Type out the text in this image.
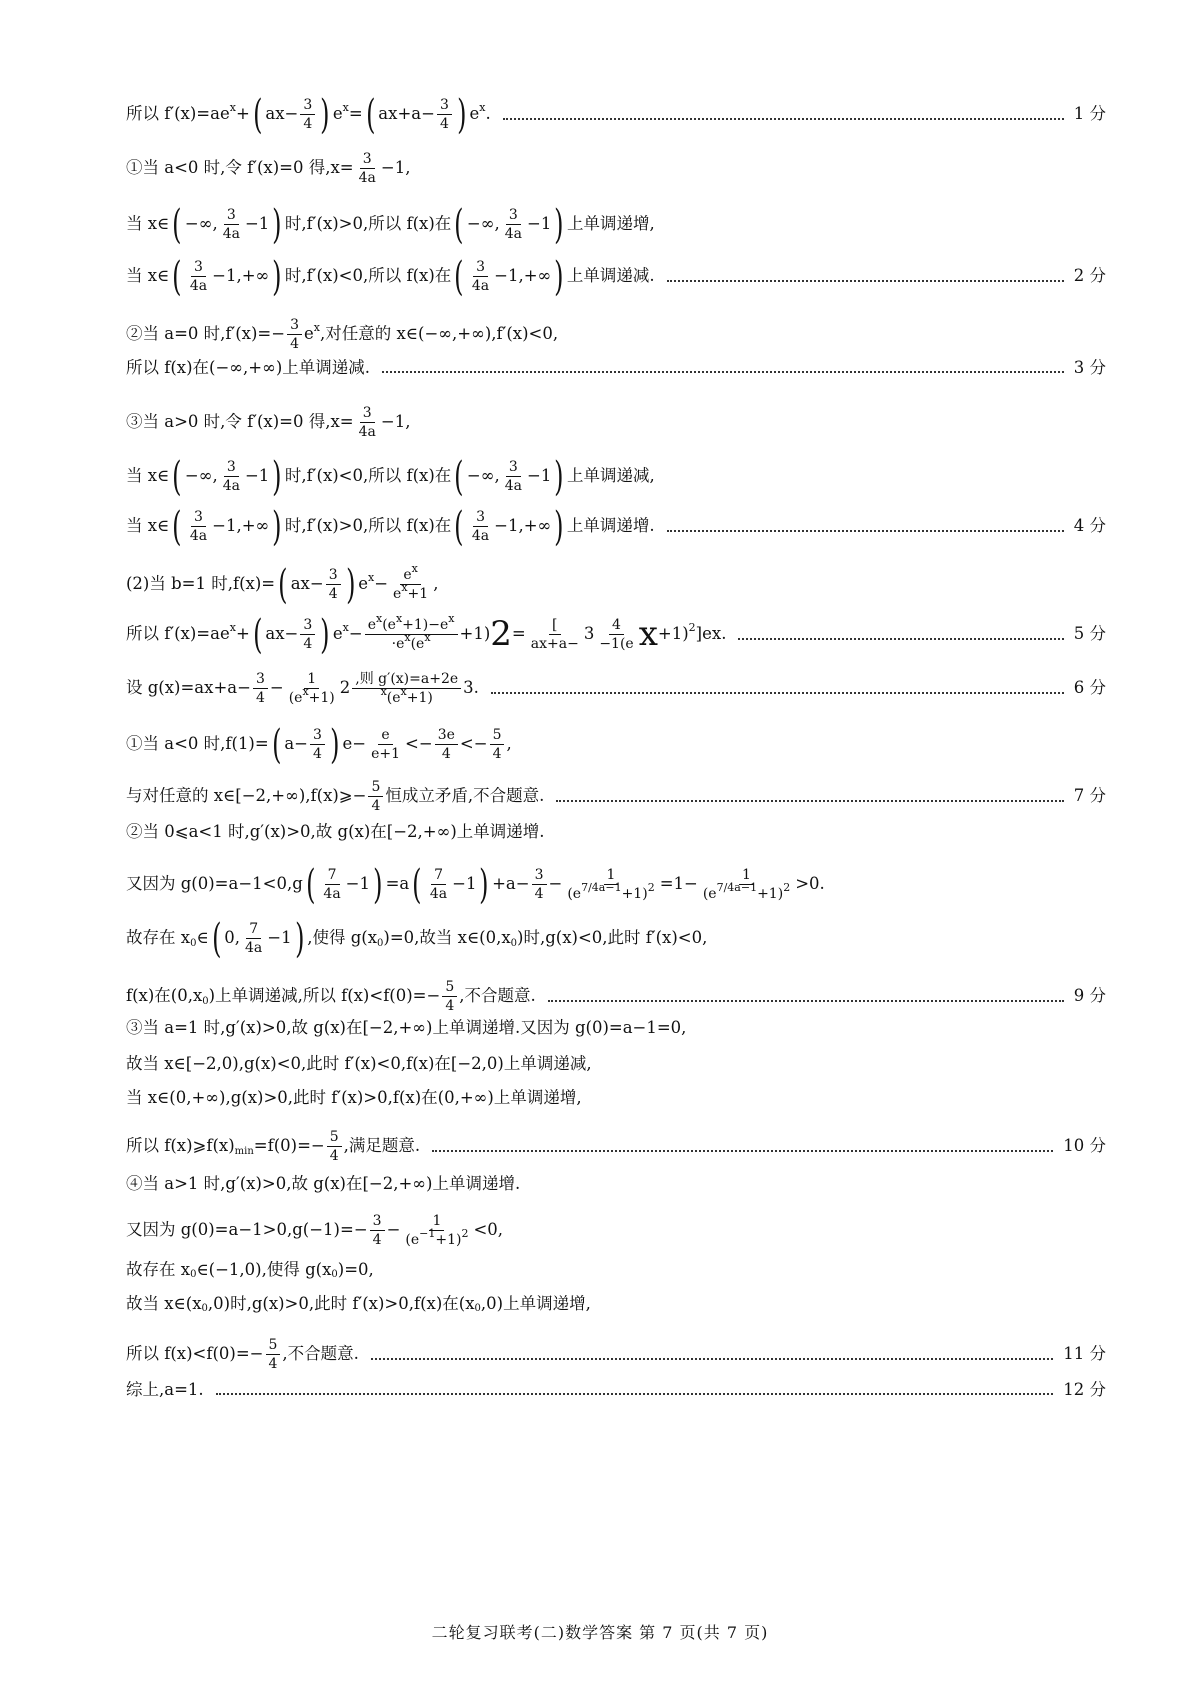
所以 f′(x)=ae x + ( $ax- \frac{3}{4}$ ) e x = ( $ax+a- \frac{3}{4}$ ) e x .	1 分
①当 a<0 时,令 f′(x)=0 得$,x= \frac{3}{4a} -1$,
当 x∈ ( −∞, $\frac{3}{4a} -1$ ) 时,f′(x)>0,所以 f(x)在 ( −∞, $\frac{3}{4a} -1$ ) 上单调递增,
当 x∈ ( $\frac{3}{4a} -1,+\infty$ ) 时,f′(x)<0,所以 f(x)在 ( $\frac{3}{4a} -1,+\infty$ ) 上单调递减.	2 分
②当 a=0 时$,f'(x)=- \frac{3}{4}$ e x ,对任意的 x∈(−∞,+∞),f′(x)<0,
所以 f(x)在(−∞,+∞)上单调递减.	3 分
③当 a>0 时,令 f′(x)=0 得$,x= \frac{3}{4a} -1$,
当 x∈ ( −∞, $\frac{3}{4a} -1$ ) 时,f′(x)<0,所以 f(x)在 ( −∞, $\frac{3}{4a} -1$ ) 上单调递减,
当 x∈ ( $\frac{3}{4a} -1,+\infty$ ) 时,f′(x)>0,所以 f(x)在 ( $\frac{3}{4a} -1,+\infty$ ) 上单调递增.	4 分
(2)当 b=1 时,f(x)= ( $ax- \frac{3}{4}$ ) e $x - \frac{e^x}{e^x+1}$ ,
所以 f′(x)=ae x + ( $ax- \frac{3}{4}$ ) e $x - \frac{e^x(e^x+1)-e^x}{\cdot e^x(e^x} +1$) 2 = [
ax+a−
$3 \frac{4}{-1(e}$ x +1) 2 ] e x .	5 分
设 $g(x)=ax+a- \frac{3}{4} - \frac{1}{(e^x+1)} 2$ ,则 g′(x)=a+2e
$^x(e^x+1)$
3 .	6 分
①当 a<0 时,f(1)= ( $a- \frac{3}{4}$ ) $e- \frac{e}{e+1} <- \frac{3e}{4} <- \frac{5}{4}$ ,
与对任意的 x∈[−2,+∞),f(x)⩾− $\frac{5}{4}$ 恒成立矛盾,不合题意.	7 分
②当 0⩽a<1 时,g′(x)>0,故 g(x)在[−2,+∞)上单调递增.
又因为 g(0)=a−1<0,g ( $\frac{7}{4a} -1$ ) =a ( $\frac{7}{4a} -1$ ) $+a- \frac{3}{4} - \frac{1}{(e^{7/4a-1}+1)^2} =1- \frac{1}{(e^{7/4a-1}+1)^2} >0$.
故存在 x 0 ∈ ( 0, $\frac{7}{4a} -1$ ) ,使得 g(x 0 )=0,故当 x∈(0,x 0 )时,g(x)<0,此时 f′(x)<0,
f(x)在(0,x 0 )上单调递减,所以 $f(x)<f(0)=- \frac{5}{4}$ ,不合题意.	9 分
③当 a=1 时,g′(x)>0,故 g(x)在[−2,+∞)上单调递增.又因为 g(0)=a−1=0,
故当 x∈[−2,0),g(x)<0,此时 f′(x)<0,f(x)在[−2,0)上单调递减,
当 x∈(0,+∞),g(x)>0,此时 f′(x)>0,f(x)在(0,+∞)上单调递增,
所以 f(x)⩾f(x) $\min =f(0)=- \frac{5}{4}$ ,满足题意.	10 分
④当 a>1 时,g′(x)>0,故 g(x)在[−2,+∞)上单调递增.
又因为 $g(0)=a-1>0,g(-1)=- \frac{3}{4} - \frac{1}{(e^{-1}+1)^2} <0$,
故存在 x 0 ∈(−1,0),使得 g(x 0 )=0,
故当 x∈(x 0 ,0)时,g(x)>0,此时 f′(x)>0,f(x)在(x 0 ,0)上单调递增,
所以 $f(x)<f(0)=- \frac{5}{4}$ ,不合题意.	11 分
综上,a=1.	12 分
二轮复习联考(二)数学答案 第 7 页(共 7 页)
